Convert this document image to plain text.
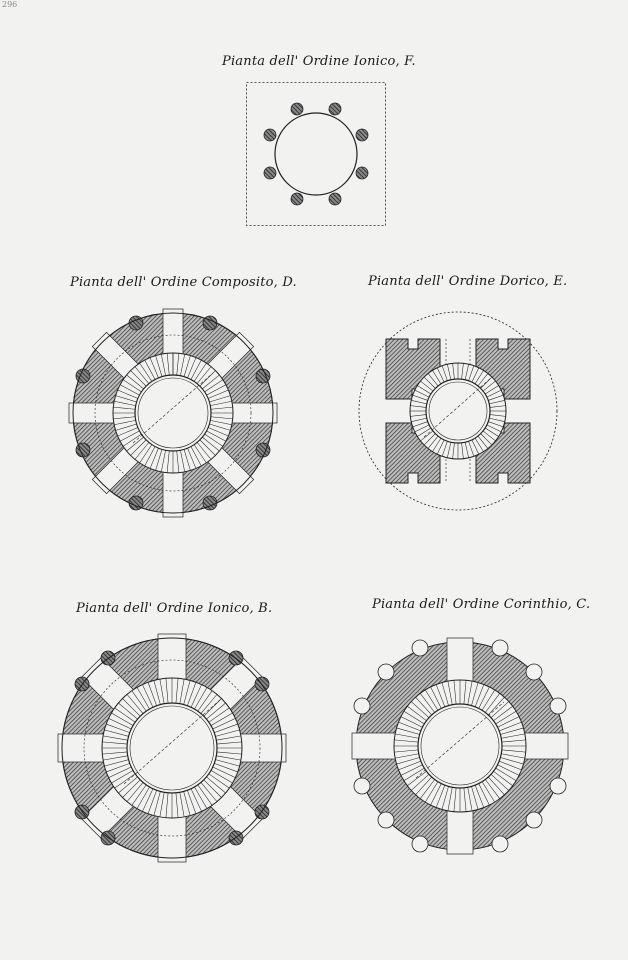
296
Pianta dell' Ordine Ionico, F.
Pianta dell' Ordine Composito, D.	Pianta dell' Ordine Dorico, E.
Pianta dell' Ordine Ionico, B.	Pianta dell' Ordine Corinthio, C.
